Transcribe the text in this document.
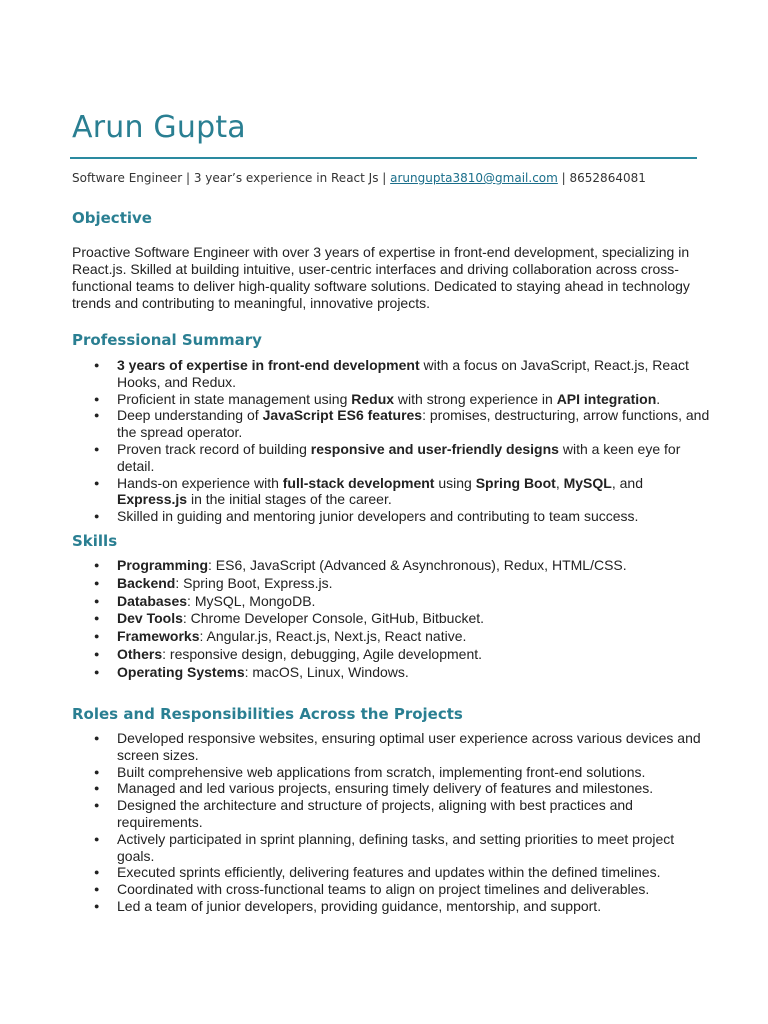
Arun Gupta
Software Engineer | 3 year’s experience in React Js | arungupta3810@gmail.com | 8652864081
Objective

Proactive Software Engineer with over 3 years of expertise in front-end development, specializing in React.js. Skilled at building intuitive, user-centric interfaces and driving collaboration across cross-functional teams to deliver high-quality software solutions. Dedicated to staying ahead in technology trends and contributing to meaningful, innovative projects.

Professional Summary
● 3 years of expertise in front-end development with a focus on JavaScript, React.js, React Hooks, and Redux.
● Proficient in state management using Redux with strong experience in API integration.
● Deep understanding of JavaScript ES6 features: promises, destructuring, arrow functions, and the spread operator.
● Proven track record of building responsive and user-friendly designs with a keen eye for detail.
● Hands-on experience with full-stack development using Spring Boot, MySQL, and Express.js in the initial stages of the career.
● Skilled in guiding and mentoring junior developers and contributing to team success.
Skills
● Programming: ES6, JavaScript (Advanced & Asynchronous), Redux, HTML/CSS.
● Backend: Spring Boot, Express.js.
● Databases: MySQL, MongoDB.
● Dev Tools: Chrome Developer Console, GitHub, Bitbucket.
● Frameworks: Angular.js, React.js, Next.js, React native.
● Others: responsive design, debugging, Agile development.
● Operating Systems: macOS, Linux, Windows.
Roles and Responsibilities Across the Projects
● Developed responsive websites, ensuring optimal user experience across various devices and screen sizes.
● Built comprehensive web applications from scratch, implementing front-end solutions.
● Managed and led various projects, ensuring timely delivery of features and milestones.
● Designed the architecture and structure of projects, aligning with best practices and requirements.
● Actively participated in sprint planning, defining tasks, and setting priorities to meet project goals.
● Executed sprints efficiently, delivering features and updates within the defined timelines.
● Coordinated with cross-functional teams to align on project timelines and deliverables.
● Led a team of junior developers, providing guidance, mentorship, and support.
